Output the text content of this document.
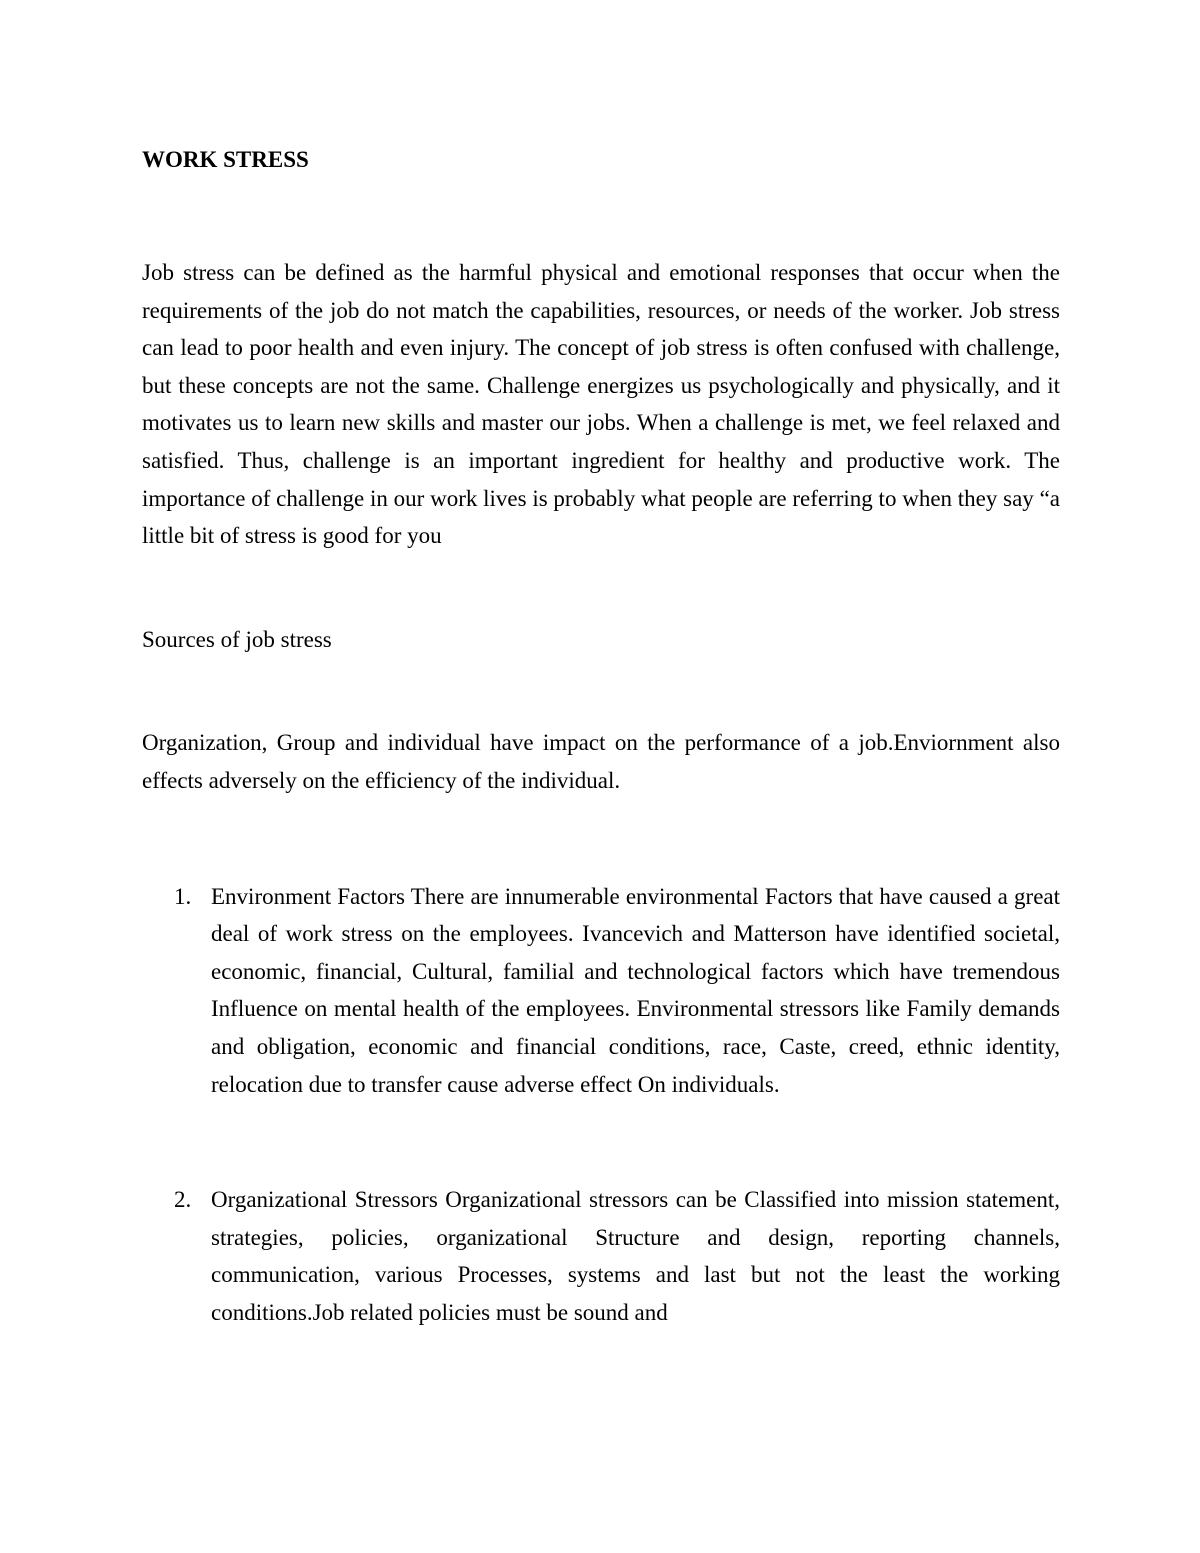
WORK STRESS

Job stress can be defined as the harmful physical and emotional responses that occur when the requirements of the job do not match the capabilities, resources, or needs of the worker. Job stress can lead to poor health and even injury. The concept of job stress is often confused with challenge, but these concepts are not the same. Challenge energizes us psychologically and physically, and it motivates us to learn new skills and master our jobs. When a challenge is met, we feel relaxed and satisfied. Thus, challenge is an important ingredient for healthy and productive work. The importance of challenge in our work lives is probably what people are referring to when they say “a little bit of stress is good for you

Sources of job stress

Organization, Group and individual have impact on the performance of a job.Enviornment also effects adversely on the efficiency of the individual.

1. Environment Factors There are innumerable environmental Factors that have caused a great deal of work stress on the employees. Ivancevich and Matterson have identified societal, economic, financial, Cultural, familial and technological factors which have tremendous Influence on mental health of the employees. Environmental stressors like Family demands and obligation, economic and financial conditions, race, Caste, creed, ethnic identity, relocation due to transfer cause adverse effect On individuals.

2. Organizational Stressors Organizational stressors can be Classified into mission statement, strategies, policies, organizational Structure and design, reporting channels, communication, various Processes, systems and last but not the least the working conditions.Job related policies must be sound and
